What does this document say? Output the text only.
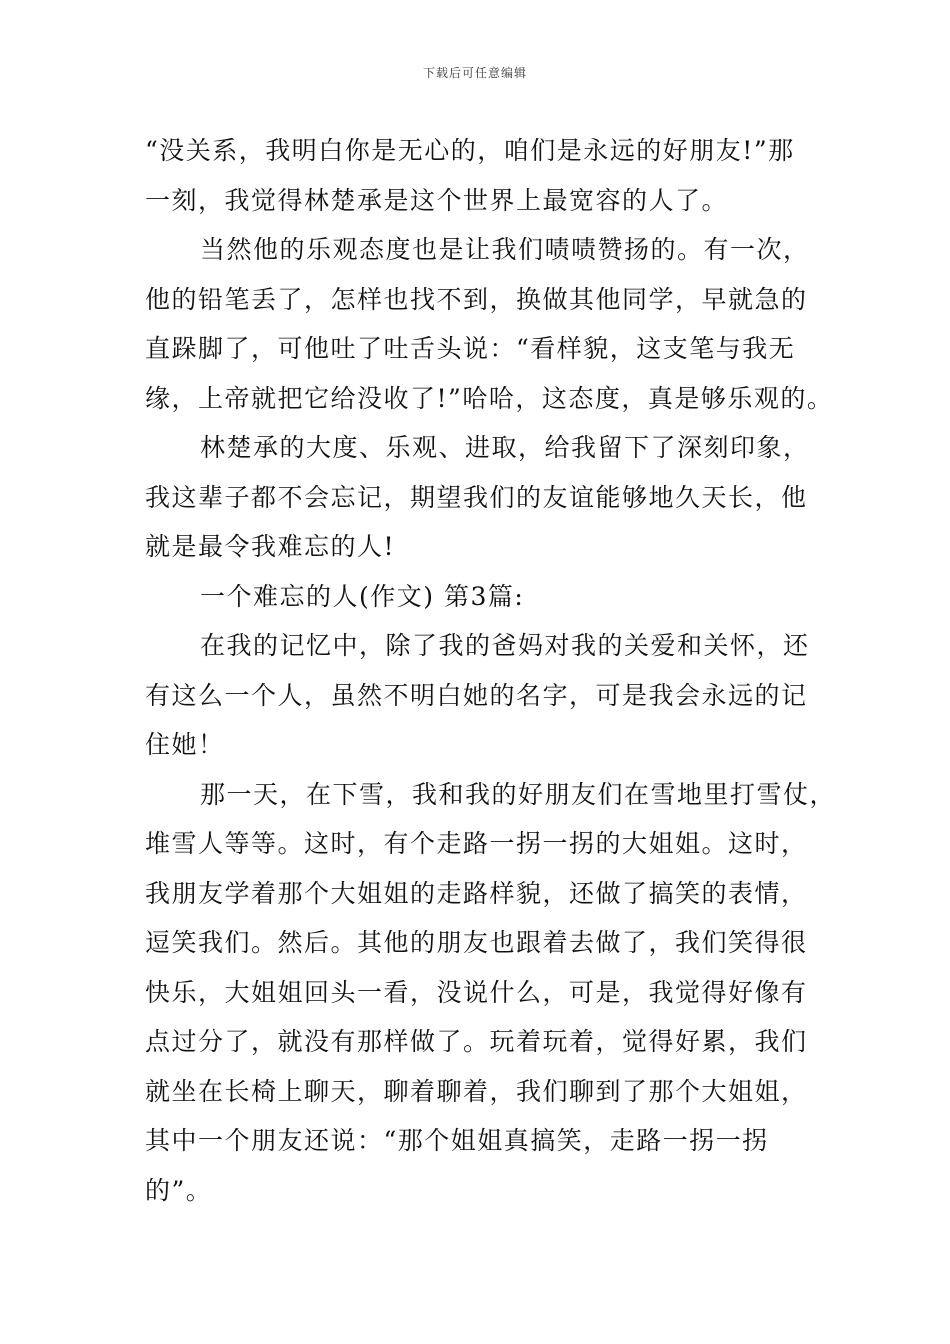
下载后可任意编辑
“没关系，我明白你是无心的，咱们是永远的好朋友!”那
一刻，我觉得林楚承是这个世界上最宽容的人了。
当然他的乐观态度也是让我们啧啧赞扬的。有一次，
他的铅笔丢了，怎样也找不到，换做其他同学，早就急的
直跺脚了，可他吐了吐舌头说：“看样貌，这支笔与我无
缘，上帝就把它给没收了!”哈哈，这态度，真是够乐观的。
林楚承的大度、乐观、进取，给我留下了深刻印象，
我这辈子都不会忘记，期望我们的友谊能够地久天长，他
就是最令我难忘的人!
一个难忘的人(作文) 第3篇:
在我的记忆中，除了我的爸妈对我的关爱和关怀，还
有这么一个人，虽然不明白她的名字，可是我会永远的记
住她！
那一天，在下雪，我和我的好朋友们在雪地里打雪仗，
堆雪人等等。这时，有个走路一拐一拐的大姐姐。这时，
我朋友学着那个大姐姐的走路样貌，还做了搞笑的表情，
逗笑我们。然后。其他的朋友也跟着去做了，我们笑得很
快乐，大姐姐回头一看，没说什么，可是，我觉得好像有
点过分了，就没有那样做了。玩着玩着，觉得好累，我们
就坐在长椅上聊天，聊着聊着，我们聊到了那个大姐姐，
其中一个朋友还说：“那个姐姐真搞笑，走路一拐一拐
的”。
